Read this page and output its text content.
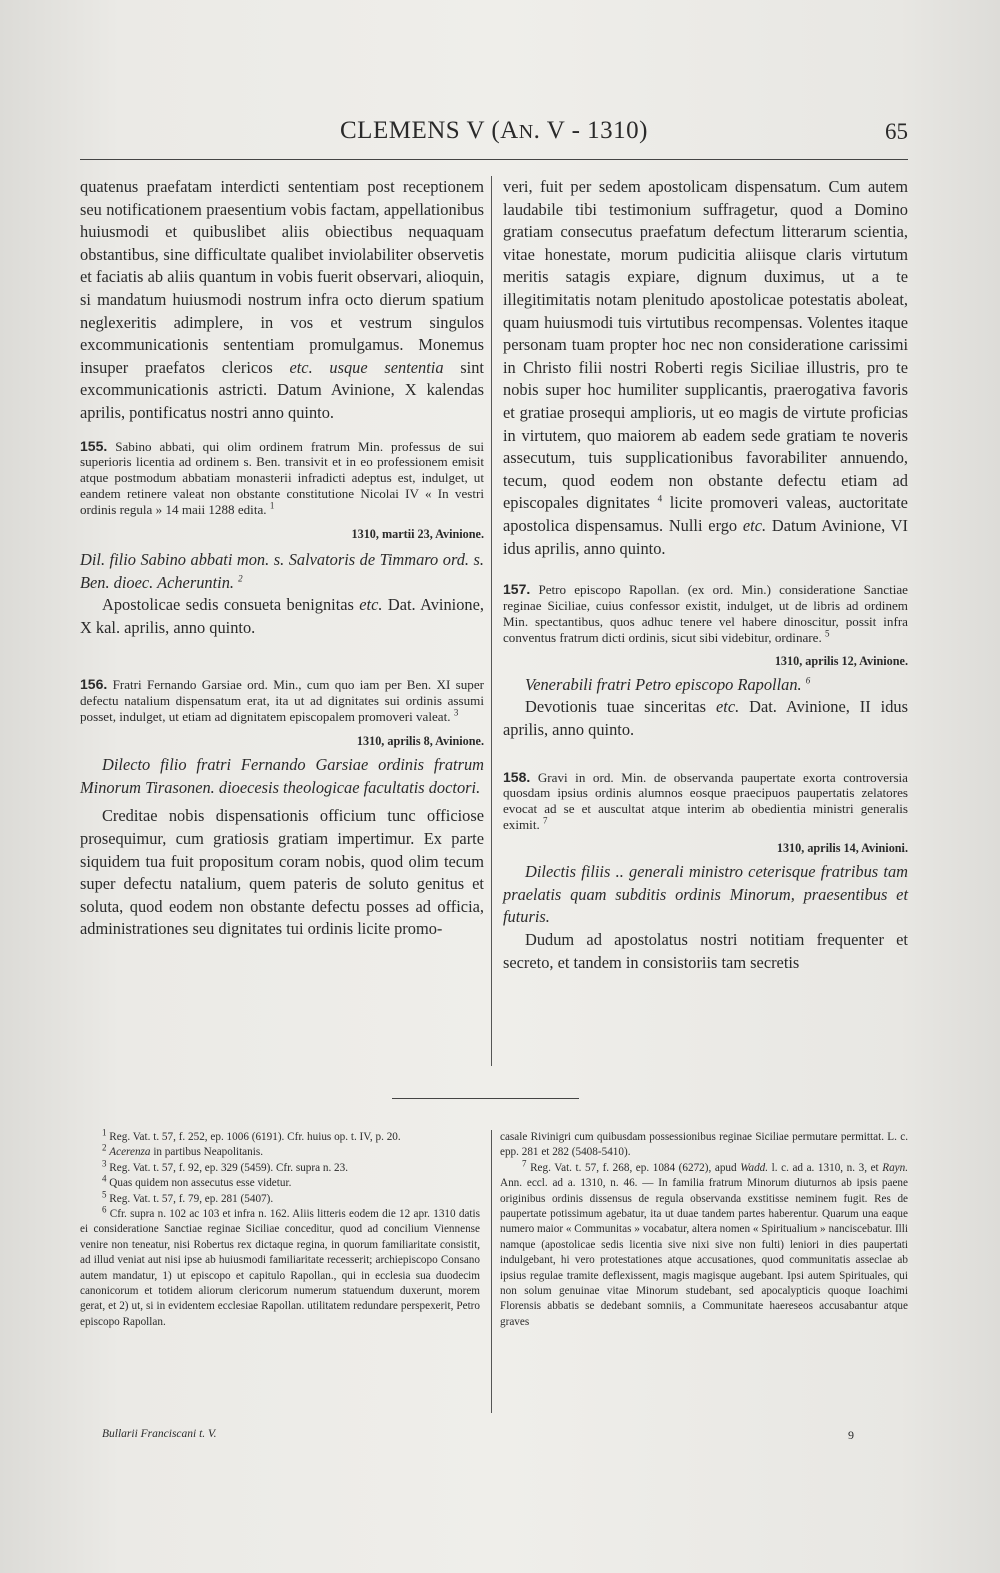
CLEMENS V (AN. V - 1310)	65

quatenus praefatam interdicti sententiam post receptionem seu notificationem praesentium vobis factam, appellationibus huiusmodi et quibuslibet aliis obiectibus nequaquam obstantibus, sine difficultate qualibet inviolabiliter observetis et faciatis ab aliis quantum in vobis fuerit observari, alioquin, si mandatum huiusmodi nostrum infra octo dierum spatium neglexeritis adimplere, in vos et vestrum singulos excommunicationis sententiam promulgamus. Monemus insuper praefatos clericos etc. usque sententia sint excommunicationis astricti. Datum Avinione, X kalendas aprilis, pontificatus nostri anno quinto.

155. Sabino abbati, qui olim ordinem fratrum Min. professus de sui superioris licentia ad ordinem s. Ben. transivit et in eo professionem emisit atque postmodum abbatiam monasterii infradicti adeptus est, indulget, ut eandem retinere valeat non obstante constitutione Nicolai IV « In vestri ordinis regula » 14 maii 1288 edita. $^1$

1310, martii 23, Avinione.

Dil. filio Sabino abbati mon. s. Salvatoris de Timmaro ord. s. Ben. dioec. Acheruntin. $^2$

Apostolicae sedis consueta benignitas etc. Dat. Avinione, X kal. aprilis, anno quinto.

156. Fratri Fernando Garsiae ord. Min., cum quo iam per Ben. XI super defectu natalium dispensatum erat, ita ut ad dignitates sui ordinis assumi posset, indulget, ut etiam ad dignitatem episcopalem promoveri valeat. $^3$

1310, aprilis 8, Avinione.

Dilecto filio fratri Fernando Garsiae ordinis fratrum Minorum Tirasonen. dioecesis theologicae facultatis doctori.

Creditae nobis dispensationis officium tunc officiose prosequimur, cum gratiosis gratiam impertimur. Ex parte siquidem tua fuit propositum coram nobis, quod olim tecum super defectu natalium, quem pateris de soluto genitus et soluta, quod eodem non obstante defectu posses ad officia, administrationes seu dignitates tui ordinis licite promo-

veri, fuit per sedem apostolicam dispensatum. Cum autem laudabile tibi testimonium suffragetur, quod a Domino gratiam consecutus praefatum defectum litterarum scientia, vitae honestate, morum pudicitia aliisque claris virtutum meritis satagis expiare, dignum duximus, ut a te illegitimitatis notam plenitudo apostolicae potestatis aboleat, quam huiusmodi tuis virtutibus recompensas. Volentes itaque personam tuam propter hoc nec non consideratione carissimi in Christo filii nostri Roberti regis Siciliae illustris, pro te nobis super hoc humiliter supplicantis, praerogativa favoris et gratiae prosequi amplioris, ut eo magis de virtute proficias in virtutem, quo maiorem ab eadem sede gratiam te noveris assecutum, tuis supplicationibus favorabiliter annuendo, tecum, quod eodem non obstante defectu etiam ad episcopales dignitates $^4$ licite promoveri valeas, auctoritate apostolica dispensamus. Nulli ergo etc. Datum Avinione, VI idus aprilis, anno quinto.

157. Petro episcopo Rapollan. (ex ord. Min.) consideratione Sanctiae reginae Siciliae, cuius confessor existit, indulget, ut de libris ad ordinem Min. spectantibus, quos adhuc tenere vel habere dinoscitur, possit infra conventus fratrum dicti ordinis, sicut sibi videbitur, ordinare. $^5$

1310, aprilis 12, Avinione.

Venerabili fratri Petro episcopo Rapollan. $^6$

Devotionis tuae sinceritas etc. Dat. Avinione, II idus aprilis, anno quinto.

158. Gravi in ord. Min. de observanda paupertate exorta controversia quosdam ipsius ordinis alumnos eosque praecipuos paupertatis zelatores evocat ad se et auscultat atque interim ab obedientia ministri generalis eximit. $^7$

1310, aprilis 14, Avinioni.

Dilectis filiis .. generali ministro ceterisque fratribus tam praelatis quam subditis ordinis Minorum, praesentibus et futuris.

Dudum ad apostolatus nostri notitiam frequenter et secreto, et tandem in consistoriis tam secretis

$^1$ Reg. Vat. t. 57, f. 252, ep. 1006 (6191). Cfr. huius op. t. IV, p. 20.

$^2$ Acerenza in partibus Neapolitanis.

$^3$ Reg. Vat. t. 57, f. 92, ep. 329 (5459). Cfr. supra n. 23.

$^4$ Quas quidem non assecutus esse videtur.

$^5$ Reg. Vat. t. 57, f. 79, ep. 281 (5407).

$^6$ Cfr. supra n. 102 ac 103 et infra n. 162. Aliis litteris eodem die 12 apr. 1310 datis ei consideratione Sanctiae reginae Siciliae conceditur, quod ad concilium Viennense venire non teneatur, nisi Robertus rex dictaque regina, in quorum familiaritate consistit, ad illud veniat aut nisi ipse ab huiusmodi familiaritate recesserit; archiepiscopo Consano autem mandatur, 1) ut episcopo et capitulo Rapollan., qui in ecclesia sua duodecim canonicorum et totidem aliorum clericorum numerum statuendum duxerunt, morem gerat, et 2) ut, si in evidentem ecclesiae Rapollan. utilitatem redundare perspexerit, Petro episcopo Rapollan.

casale Rivinigri cum quibusdam possessionibus reginae Siciliae permutare permittat. L. c. epp. 281 et 282 (5408-5410).

$^7$ Reg. Vat. t. 57, f. 268, ep. 1084 (6272), apud Wadd. l. c. ad a. 1310, n. 3, et Rayn. Ann. eccl. ad a. 1310, n. 46. — In familia fratrum Minorum diuturnos ab ipsis paene originibus ordinis dissensus de regula observanda exstitisse neminem fugit. Res de paupertate potissimum agebatur, ita ut duae tandem partes haberentur. Quarum una eaque numero maior « Communitas » vocabatur, altera nomen « Spiritualium » nanciscebatur. Illi namque (apostolicae sedis licentia sive nixi sive non fulti) leniori in dies paupertati indulgebant, hi vero protestationes atque accusationes, quod communitatis asseclae ab ipsius regulae tramite deflexissent, magis magisque augebant. Ipsi autem Spirituales, qui non solum genuinae vitae Minorum studebant, sed apocalypticis quoque Ioachimi Florensis abbatis se dedebant somniis, a Communitate haereseos accusabantur atque graves

Bullarii Franciscani t. V.	9
